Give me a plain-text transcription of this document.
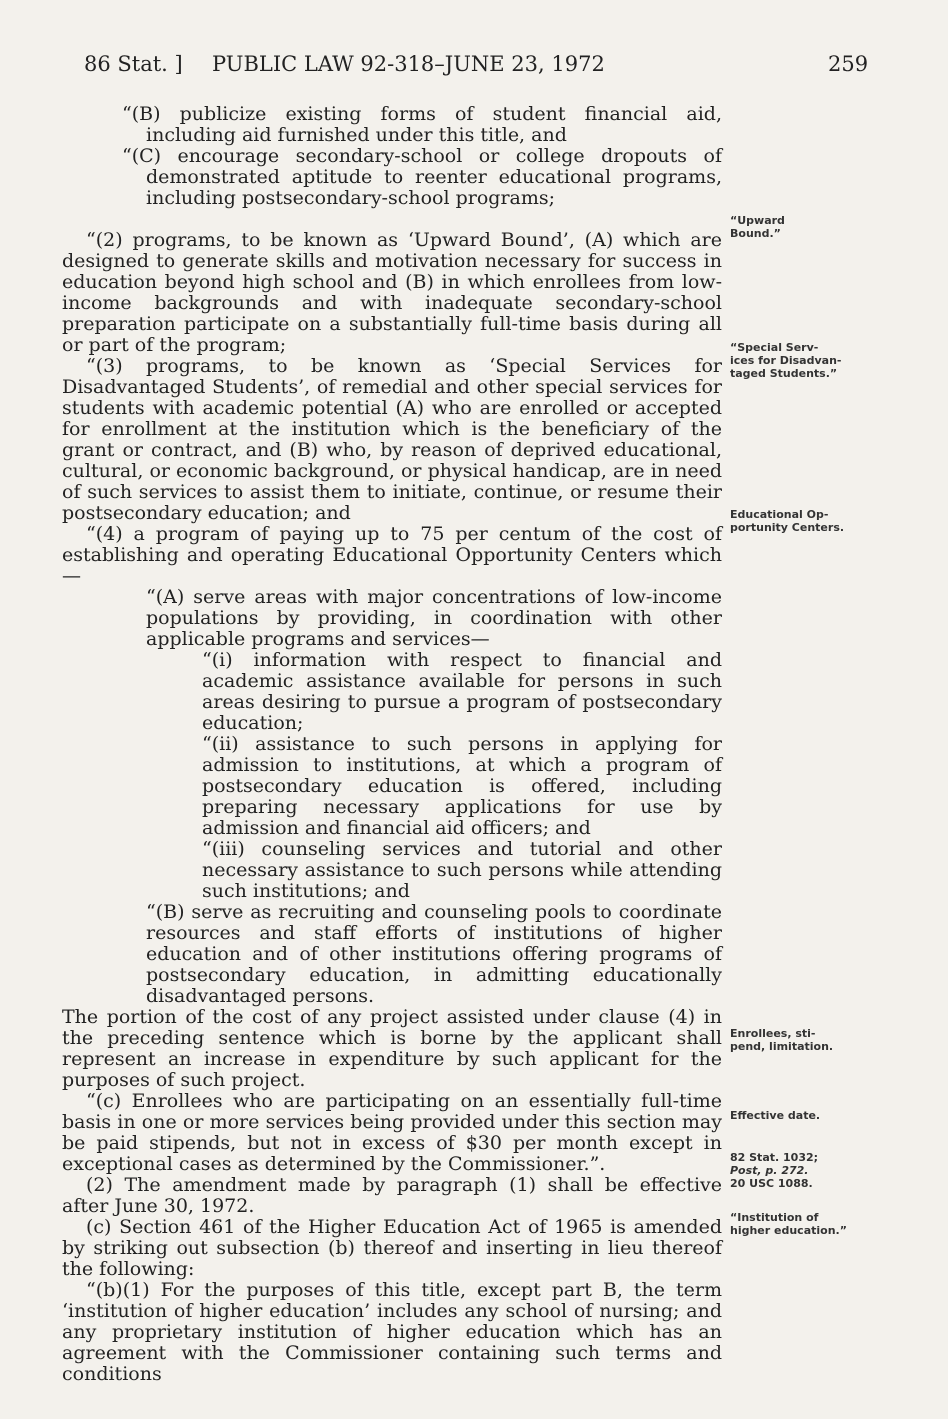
86 Stat. ] PUBLIC LAW 92-318–JUNE 23, 1972	259

“(B) publicize existing forms of student financial aid, including aid furnished under this title, and

“(C) encourage secondary-school or college dropouts of demonstrated aptitude to reenter educational programs, including postsecondary-school programs;

“(2) programs, to be known as ‘Upward Bound’, (A) which are designed to generate skills and motivation necessary for success in education beyond high school and (B) in which enrollees from low-income backgrounds and with inadequate secondary-school preparation participate on a substantially full-time basis during all or part of the program;

“(3) programs, to be known as ‘Special Services for Disadvantaged Students’, of remedial and other special services for students with academic potential (A) who are enrolled or accepted for enrollment at the institution which is the beneficiary of the grant or contract, and (B) who, by reason of deprived educational, cultural, or economic background, or physical handicap, are in need of such services to assist them to initiate, continue, or resume their postsecondary education; and

“(4) a program of paying up to 75 per centum of the cost of establishing and operating Educational Opportunity Centers which—

“(A) serve areas with major concentrations of low-income populations by providing, in coordination with other applicable programs and services—

“(i) information with respect to financial and academic assistance available for persons in such areas desiring to pursue a program of postsecondary education;

“(ii) assistance to such persons in applying for admission to institutions, at which a program of postsecondary education is offered, including preparing necessary applications for use by admission and financial aid officers; and

“(iii) counseling services and tutorial and other necessary assistance to such persons while attending such institutions; and

“(B) serve as recruiting and counseling pools to coordinate resources and staff efforts of institutions of higher education and of other institutions offering programs of postsecondary education, in admitting educationally disadvantaged persons.

The portion of the cost of any project assisted under clause (4) in the preceding sentence which is borne by the applicant shall represent an increase in expenditure by such applicant for the purposes of such project.

“(c) Enrollees who are participating on an essentially full-time basis in one or more services being provided under this section may be paid stipends, but not in excess of $30 per month except in exceptional cases as determined by the Commissioner.”.

(2) The amendment made by paragraph (1) shall be effective after June 30, 1972.

(c) Section 461 of the Higher Education Act of 1965 is amended by striking out subsection (b) thereof and inserting in lieu thereof the following:

“(b)(1) For the purposes of this title, except part B, the term ‘institution of higher education’ includes any school of nursing; and any proprietary institution of higher education which has an agreement with the Commissioner containing such terms and conditions

“Upward
Bound.”
“Special Serv-
ices for Disadvan-
taged Students.”
Educational Op-
portunity Centers.
Enrollees, sti-
pend, limitation.
Effective date.
82 Stat. 1032;
Post, p. 272.
20 USC 1088.
“Institution of
higher education.”
